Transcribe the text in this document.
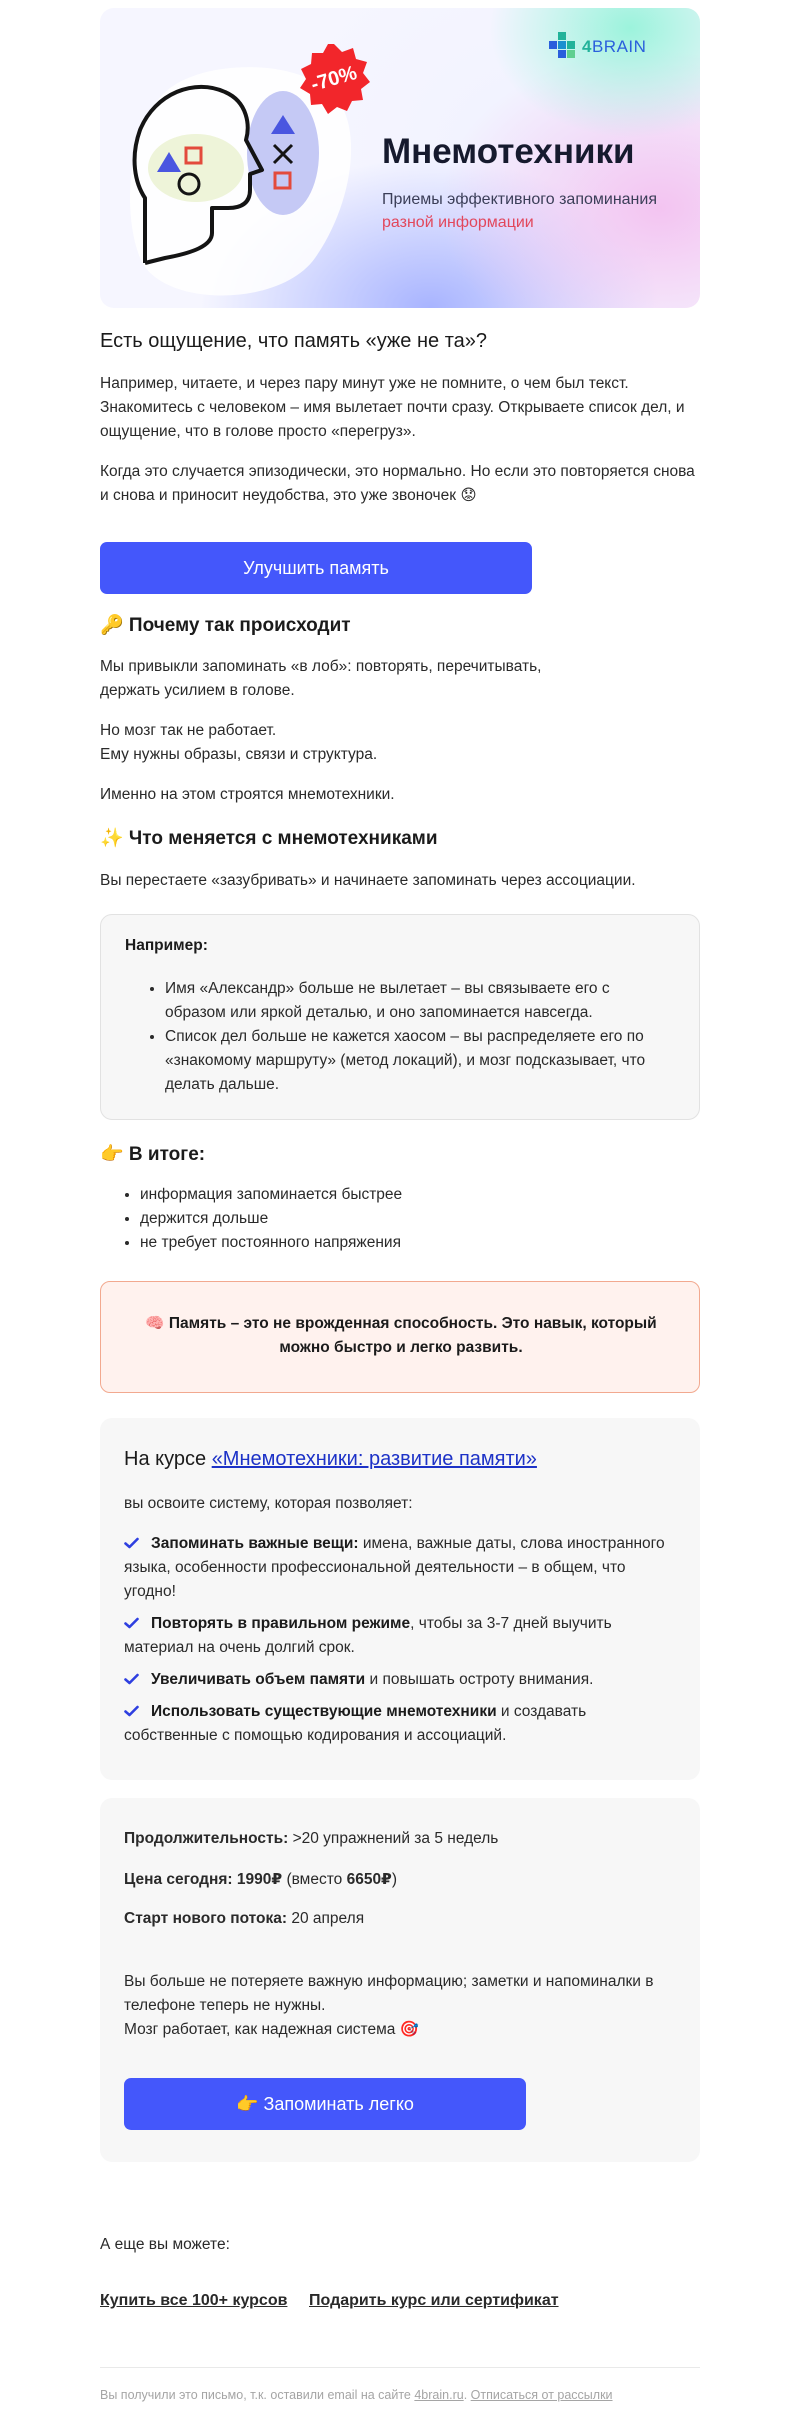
-70%
4BRAIN
Мнемотехники
Приемы эффективного запоминания разной информации
Есть ощущение, что память «уже не та»?

Например, читаете, и через пару минут уже не помните, о чем был текст. Знакомитесь с человеком – имя вылетает почти сразу. Открываете список дел, и ощущение, что в голове просто «перегруз».

Когда это случается эпизодически, это нормально. Но если это повторяется снова и снова и приносит неудобства, это уже звоночек 😟

Улучшить память
🔑 Почему так происходит

Мы привыкли запоминать «в лоб»: повторять, перечитывать,
держать усилием в голове.

Но мозг так не работает.
Ему нужны образы, связи и структура.

Именно на этом строятся мнемотехники.

✨ Что меняется с мнемотехниками

Вы перестаете «зазубривать» и начинаете запоминать через ассоциации.

Например:
• Имя «Александр» больше не вылетает – вы связываете его с образом или яркой деталью, и оно запоминается навсегда.
• Список дел больше не кажется хаосом – вы распределяете его по «знакомому маршруту» (метод локаций), и мозг подсказывает, что делать дальше.
👉 В итоге:
• информация запоминается быстрее
• держится дольше
• не требует постоянного напряжения
🧠 Память – это не врожденная способность. Это навык, который можно быстро и легко развить.
На курсе «Мнемотехники: развитие памяти»
вы освоите систему, которая позволяет:
Запоминать важные вещи: имена, важные даты, слова иностранного языка, особенности профессиональной деятельности – в общем, что угодно!
Повторять в правильном режиме, чтобы за 3-7 дней выучить материал на очень долгий срок.
Увеличивать объем памяти и повышать остроту внимания.
Использовать существующие мнемотехники и создавать собственные с помощью кодирования и ассоциаций.
Продолжительность: >20 упражнений за 5 недель
Цена сегодня: 1990₽ (вместо 6650₽)
Старт нового потока: 20 апреля
Вы больше не потеряете важную информацию; заметки и напоминалки в телефоне теперь не нужны.
Мозг работает, как надежная система 🎯
👉 Запоминать легко
А еще вы можете:
Купить все 100+ курсов Подарить курс или сертификат
Вы получили это письмо, т.к. оставили email на сайте 4brain.ru. Отписаться от рассылки
